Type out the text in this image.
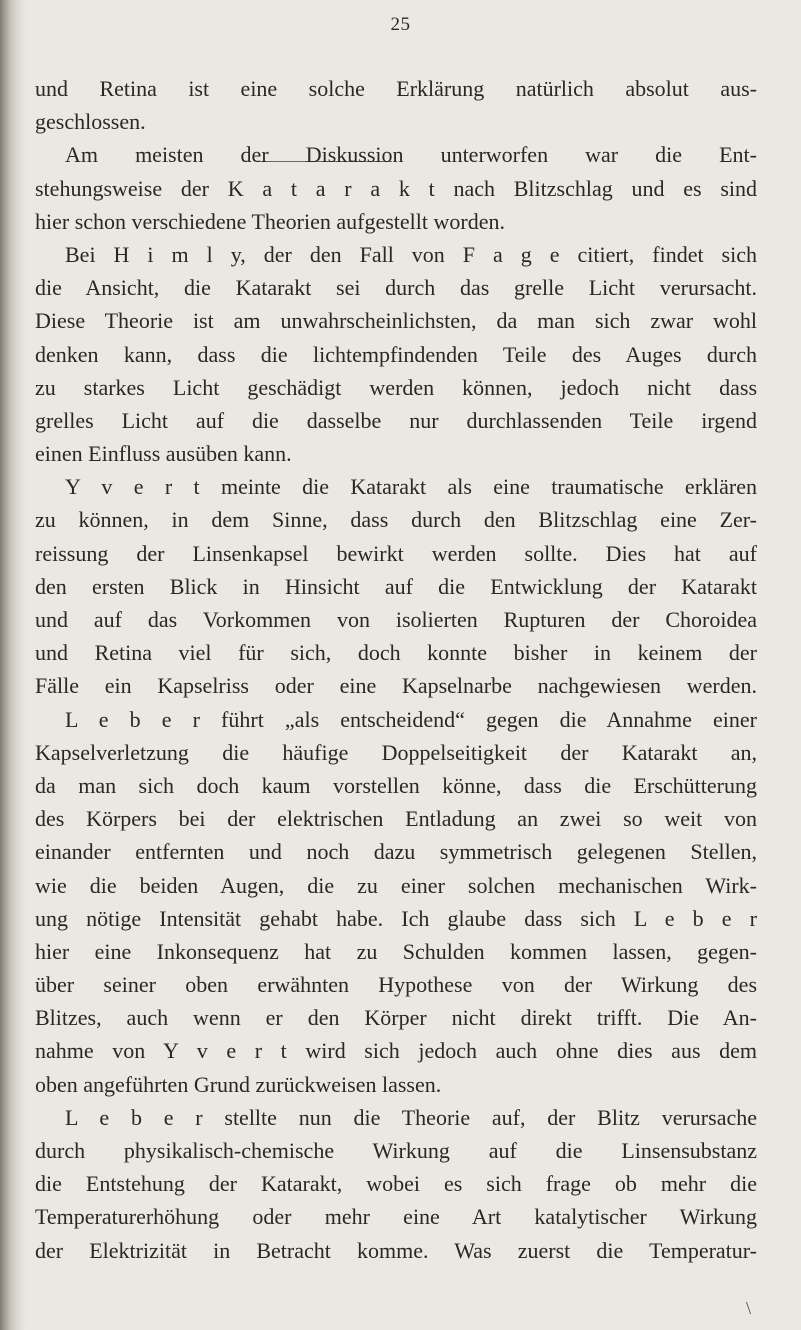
25
und Retina ist eine solche Erklärung natürlich absolut aus-
geschlossen.
Am meisten der Diskussion unterworfen war die Ent-
stehungsweise der K a t a r a k t nach Blitzschlag und es sind
hier schon verschiedene Theorien aufgestellt worden.
Bei H i m l y, der den Fall von F a g e citiert, findet sich
die Ansicht, die Katarakt sei durch das grelle Licht verursacht.
Diese Theorie ist am unwahrscheinlichsten, da man sich zwar wohl
denken kann, dass die lichtempfindenden Teile des Auges durch
zu starkes Licht geschädigt werden können, jedoch nicht dass
grelles Licht auf die dasselbe nur durchlassenden Teile irgend
einen Einfluss ausüben kann.
Y v e r t meinte die Katarakt als eine traumatische erklären
zu können, in dem Sinne, dass durch den Blitzschlag eine Zer-
reissung der Linsenkapsel bewirkt werden sollte. Dies hat auf
den ersten Blick in Hinsicht auf die Entwicklung der Katarakt
und auf das Vorkommen von isolierten Rupturen der Choroidea
und Retina viel für sich, doch konnte bisher in keinem der
Fälle ein Kapselriss oder eine Kapselnarbe nachgewiesen werden.
L e b e r führt „als entscheidend“ gegen die Annahme einer
Kapselverletzung die häufige Doppelseitigkeit der Katarakt an,
da man sich doch kaum vorstellen könne, dass die Erschütterung
des Körpers bei der elektrischen Entladung an zwei so weit von
einander entfernten und noch dazu symmetrisch gelegenen Stellen,
wie die beiden Augen, die zu einer solchen mechanischen Wirk-
ung nötige Intensität gehabt habe. Ich glaube dass sich L e b e r
hier eine Inkonsequenz hat zu Schulden kommen lassen, gegen-
über seiner oben erwähnten Hypothese von der Wirkung des
Blitzes, auch wenn er den Körper nicht direkt trifft. Die An-
nahme von Y v e r t wird sich jedoch auch ohne dies aus dem
oben angeführten Grund zurückweisen lassen.
L e b e r stellte nun die Theorie auf, der Blitz verursache
durch physikalisch-chemische Wirkung auf die Linsensubstanz
die Entstehung der Katarakt, wobei es sich frage ob mehr die
Temperaturerhöhung oder mehr eine Art katalytischer Wirkung
der Elektrizität in Betracht komme. Was zuerst die Temperatur-
\
